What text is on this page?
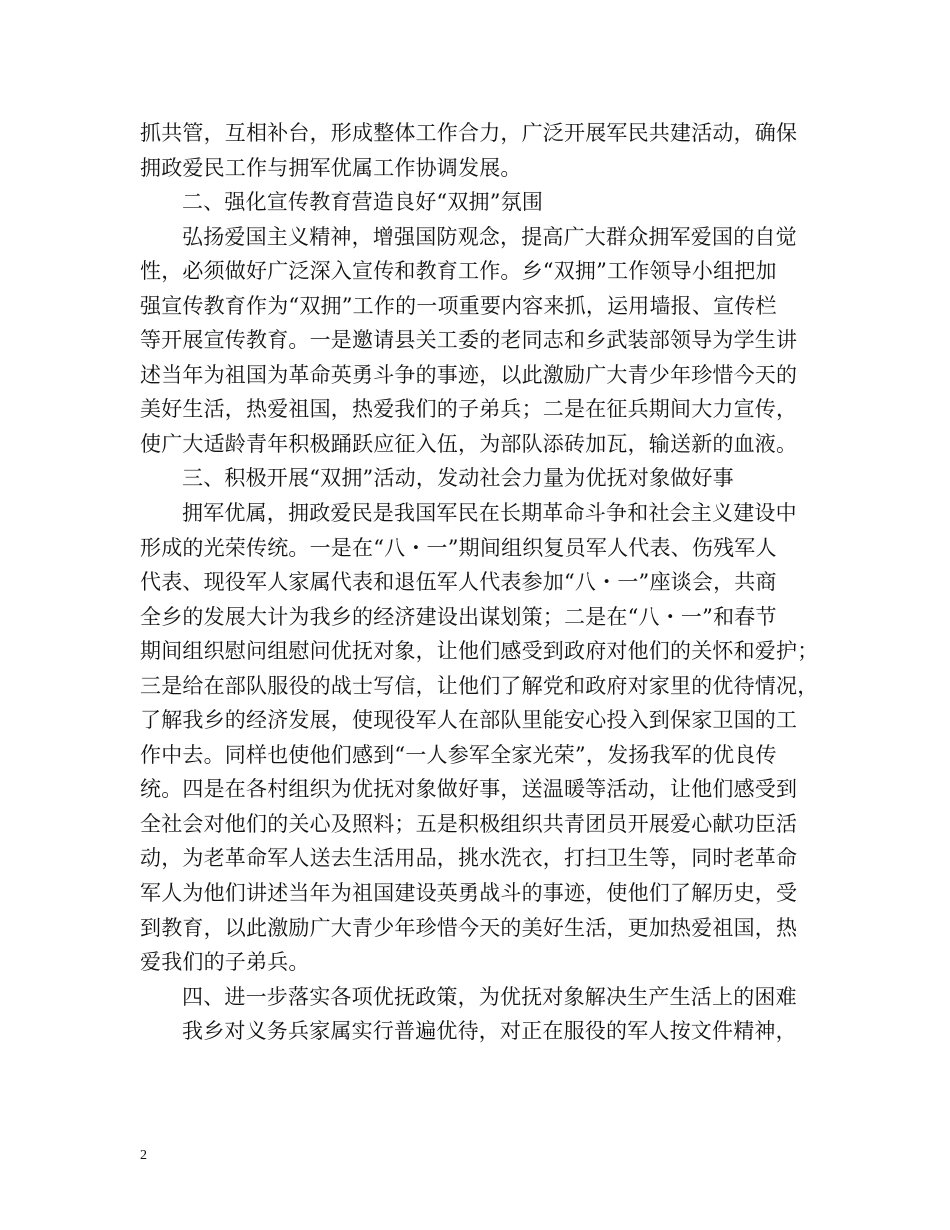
抓共管，互相补台，形成整体工作合力，广泛开展军民共建活动，确保
拥政爱民工作与拥军优属工作协调发展。
二、强化宣传教育营造良好“双拥”氛围
弘扬爱国主义精神，增强国防观念，提高广大群众拥军爱国的自觉
性，必须做好广泛深入宣传和教育工作。乡“双拥”工作领导小组把加
强宣传教育作为“双拥”工作的一项重要内容来抓，运用墙报、宣传栏
等开展宣传教育。一是邀请县关工委的老同志和乡武装部领导为学生讲
述当年为祖国为革命英勇斗争的事迹，以此激励广大青少年珍惜今天的
美好生活，热爱祖国，热爱我们的子弟兵；二是在征兵期间大力宣传，
使广大适龄青年积极踊跃应征入伍，为部队添砖加瓦，输送新的血液。
三、积极开展“双拥”活动，发动社会力量为优抚对象做好事
拥军优属，拥政爱民是我国军民在长期革命斗争和社会主义建设中
形成的光荣传统。一是在“八・一”期间组织复员军人代表、伤残军人
代表、现役军人家属代表和退伍军人代表参加“八・一”座谈会，共商
全乡的发展大计为我乡的经济建设出谋划策；二是在“八・一”和春节
期间组织慰问组慰问优抚对象，让他们感受到政府对他们的关怀和爱护；
三是给在部队服役的战士写信，让他们了解党和政府对家里的优待情况，
了解我乡的经济发展，使现役军人在部队里能安心投入到保家卫国的工
作中去。同样也使他们感到“一人参军全家光荣”，发扬我军的优良传
统。四是在各村组织为优抚对象做好事，送温暖等活动，让他们感受到
全社会对他们的关心及照料；五是积极组织共青团员开展爱心献功臣活
动，为老革命军人送去生活用品，挑水洗衣，打扫卫生等，同时老革命
军人为他们讲述当年为祖国建设英勇战斗的事迹，使他们了解历史，受
到教育，以此激励广大青少年珍惜今天的美好生活，更加热爱祖国，热
爱我们的子弟兵。
四、进一步落实各项优抚政策，为优抚对象解决生产生活上的困难
我乡对义务兵家属实行普遍优待，对正在服役的军人按文件精神，
2
